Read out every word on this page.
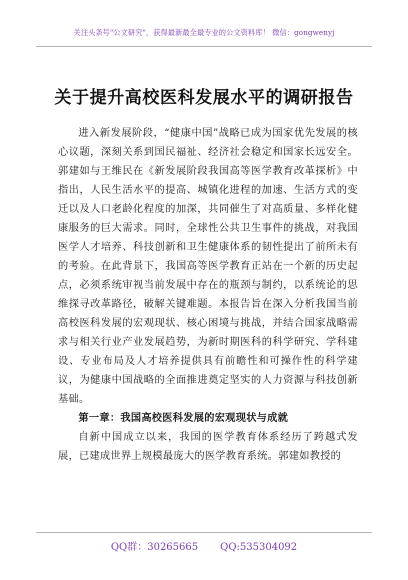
关注头条号"公文研究"，获得最新最全最专业的公文资料库！ 微信：gongwenyj
关于提升高校医科发展水平的调研报告

进入新发展阶段，“健康中国”战略已成为国家优先发展的核心议题，深刻关系到国民福祉、经济社会稳定和国家长远安全。郭建如与王维民在《新发展阶段我国高等医学教育改革探析》中指出，人民生活水平的提高、城镇化进程的加速、生活方式的变迁以及人口老龄化程度的加深，共同催生了对高质量、多样化健康服务的巨大需求。同时，全球性公共卫生事件的挑战，对我国医学人才培养、科技创新和卫生健康体系的韧性提出了前所未有的考验。在此背景下，我国高等医学教育正站在一个新的历史起点，必须系统审视当前发展中存在的瓶颈与制约，以系统论的思维探寻改革路径，破解关键难题。本报告旨在深入分析我国当前高校医科发展的宏观现状、核心困境与挑战，并结合国家战略需求与相关行业产业发展趋势，为新时期医科的科学研究、学科建设、专业布局及人才培养提供具有前瞻性和可操作性的科学建议，为健康中国战略的全面推进奠定坚实的人力资源与科技创新基础。

第一章：我国高校医科发展的宏观现状与成就

自新中国成立以来，我国的医学教育体系经历了跨越式发展，已建成世界上规模最庞大的医学教育系统。郭建如教授的

QQ群：30265665 QQ:535304092
